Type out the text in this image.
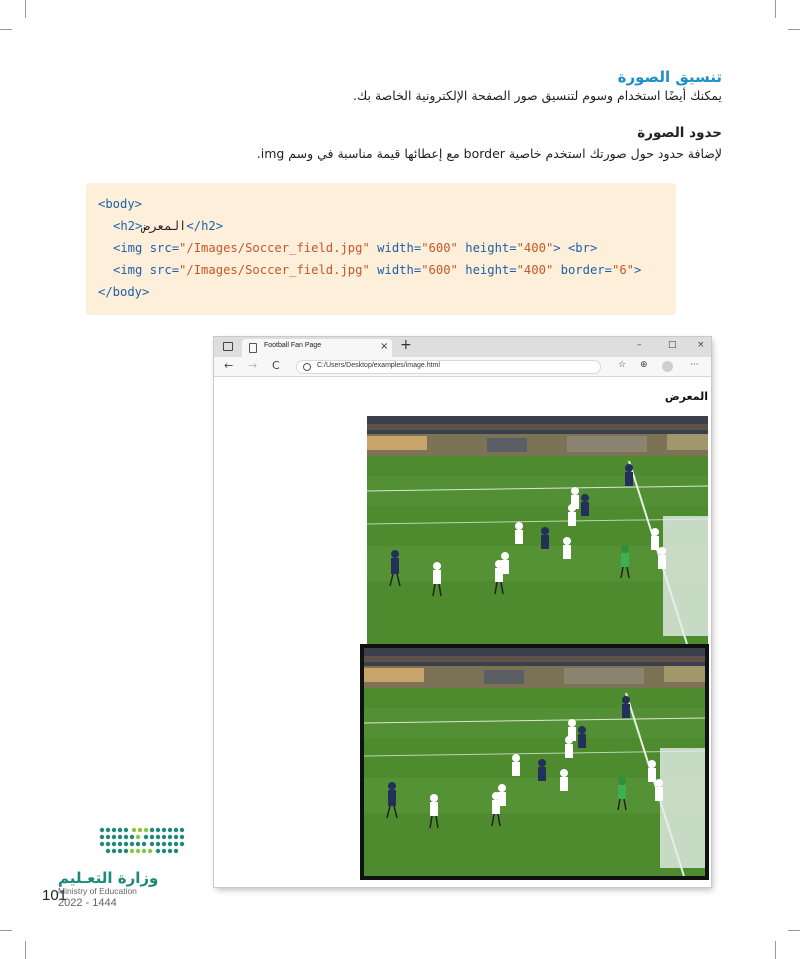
تنسيق الصورة
يمكنك أيضًا استخدام وسوم لتنسيق صور الصفحة الإلكترونية الخاصة بك.
حدود الصورة
لإضافة حدود حول صورتك استخدم خاصية border مع إعطائها قيمة مناسبة في وسم img.
<body>
<h2>المعرض</h2>
<img src="/Images/Soccer_field.jpg" width="600" height="400"> <br>
<img src="/Images/Soccer_field.jpg" width="600" height="400" border="6">
</body>
Football Fan Page	× +	–	□ ×
← → C	C:/Users/Desktop/examples/image.html	☆ ⊕	···
المعرض
وزارة التعـليم
101
Ministry of Education
2022 - 1444
